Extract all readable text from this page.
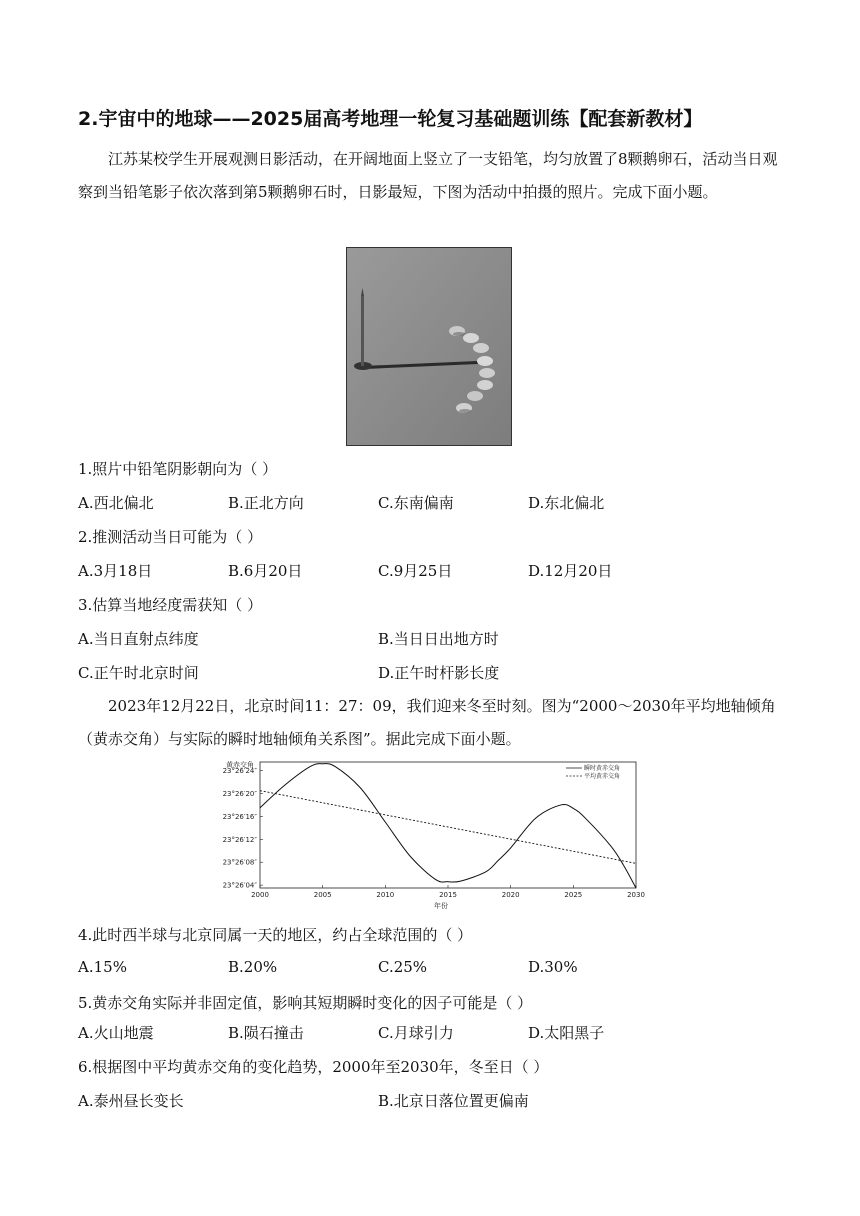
2.宇宙中的地球——2025届高考地理一轮复习基础题训练【配套新教材】
江苏某校学生开展观测日影活动，在开阔地面上竖立了一支铅笔，均匀放置了8颗鹅卵石，活动当日观察到当铅笔影子依次落到第5颗鹅卵石时，日影最短，下图为活动中拍摄的照片。完成下面小题。
1.照片中铅笔阴影朝向为（ ）
A.西北偏北	B.正北方向	C.东南偏南	D.东北偏北
2.推测活动当日可能为（ ）
A.3月18日	B.6月20日	C.9月25日	D.12月20日
3.估算当地经度需获知（ ）
A.当日直射点纬度	B.当日日出地方时
C.正午时北京时间	D.正午时杆影长度
2023年12月22日，北京时间11：27：09，我们迎来冬至时刻。图为“2000～2030年平均地轴倾角（黄赤交角）与实际的瞬时地轴倾角关系图”。据此完成下面小题。
黄赤交角
23°26′04″
23°26′08″
23°26′12″
23°26′16″
23°26′20″
23°26′24″
2000	2005	2010	2015	2020	2025	2030
年份
瞬时黄赤交角
平均黄赤交角
4.此时西半球与北京同属一天的地区，约占全球范围的（ ）
A.15%	B.20%	C.25%	D.30%
5.黄赤交角实际并非固定值，影响其短期瞬时变化的因子可能是（ ）
A.火山地震	B.陨石撞击	C.月球引力	D.太阳黑子
6.根据图中平均黄赤交角的变化趋势，2000年至2030年，冬至日（ ）
A.泰州昼长变长	B.北京日落位置更偏南
